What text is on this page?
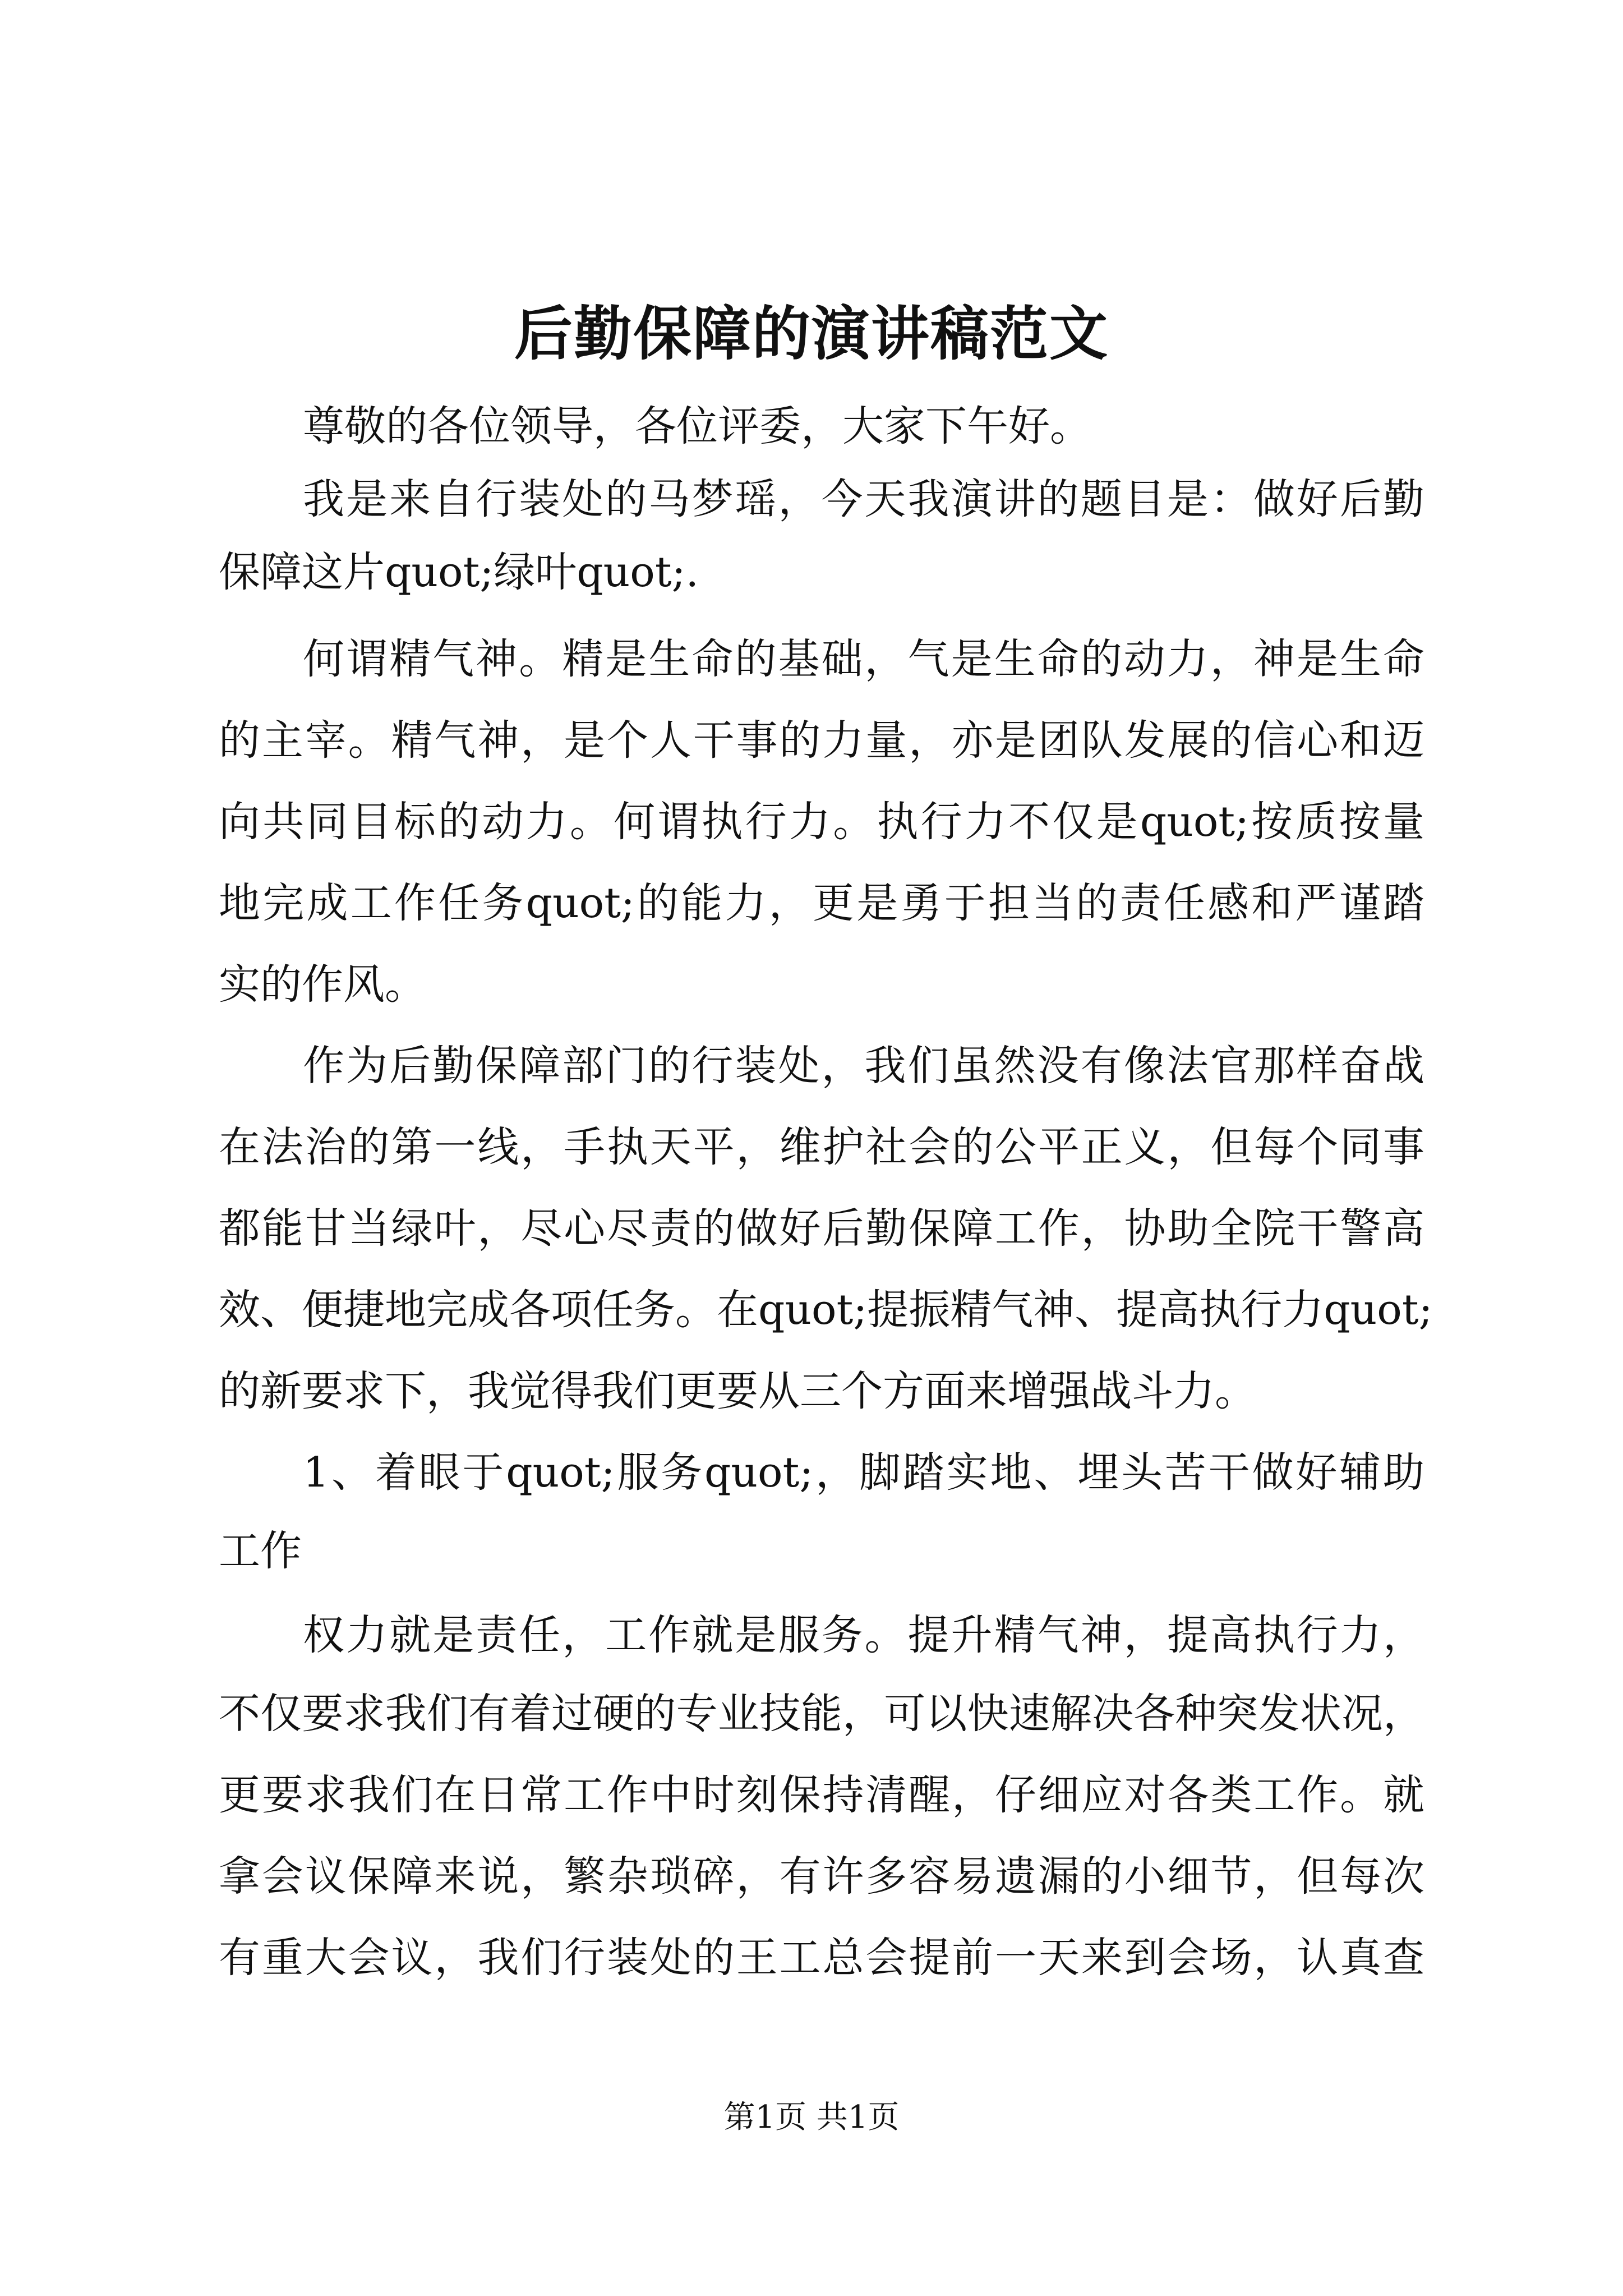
后勤保障的演讲稿范文
尊敬的各位领导，各位评委，大家下午好。
我是来自行装处的马梦瑶，今天我演讲的题目是：做好后勤
保障这片quot;绿叶quot;.
何谓精气神。精是生命的基础，气是生命的动力，神是生命
的主宰。精气神，是个人干事的力量，亦是团队发展的信心和迈
向共同目标的动力。何谓执行力。执行力不仅是quot;按质按量
地完成工作任务quot;的能力，更是勇于担当的责任感和严谨踏
实的作风。
作为后勤保障部门的行装处，我们虽然没有像法官那样奋战
在法治的第一线，手执天平，维护社会的公平正义，但每个同事
都能甘当绿叶，尽心尽责的做好后勤保障工作，协助全院干警高
效、便捷地完成各项任务。在quot;提振精气神、提高执行力quot;
的新要求下，我觉得我们更要从三个方面来增强战斗力。
1、着眼于quot;服务quot;，脚踏实地、埋头苦干做好辅助
工作
权力就是责任，工作就是服务。提升精气神，提高执行力，
不仅要求我们有着过硬的专业技能，可以快速解决各种突发状况，
更要求我们在日常工作中时刻保持清醒，仔细应对各类工作。就
拿会议保障来说，繁杂琐碎，有许多容易遗漏的小细节，但每次
有重大会议，我们行装处的王工总会提前一天来到会场，认真查
第1页 共1页
